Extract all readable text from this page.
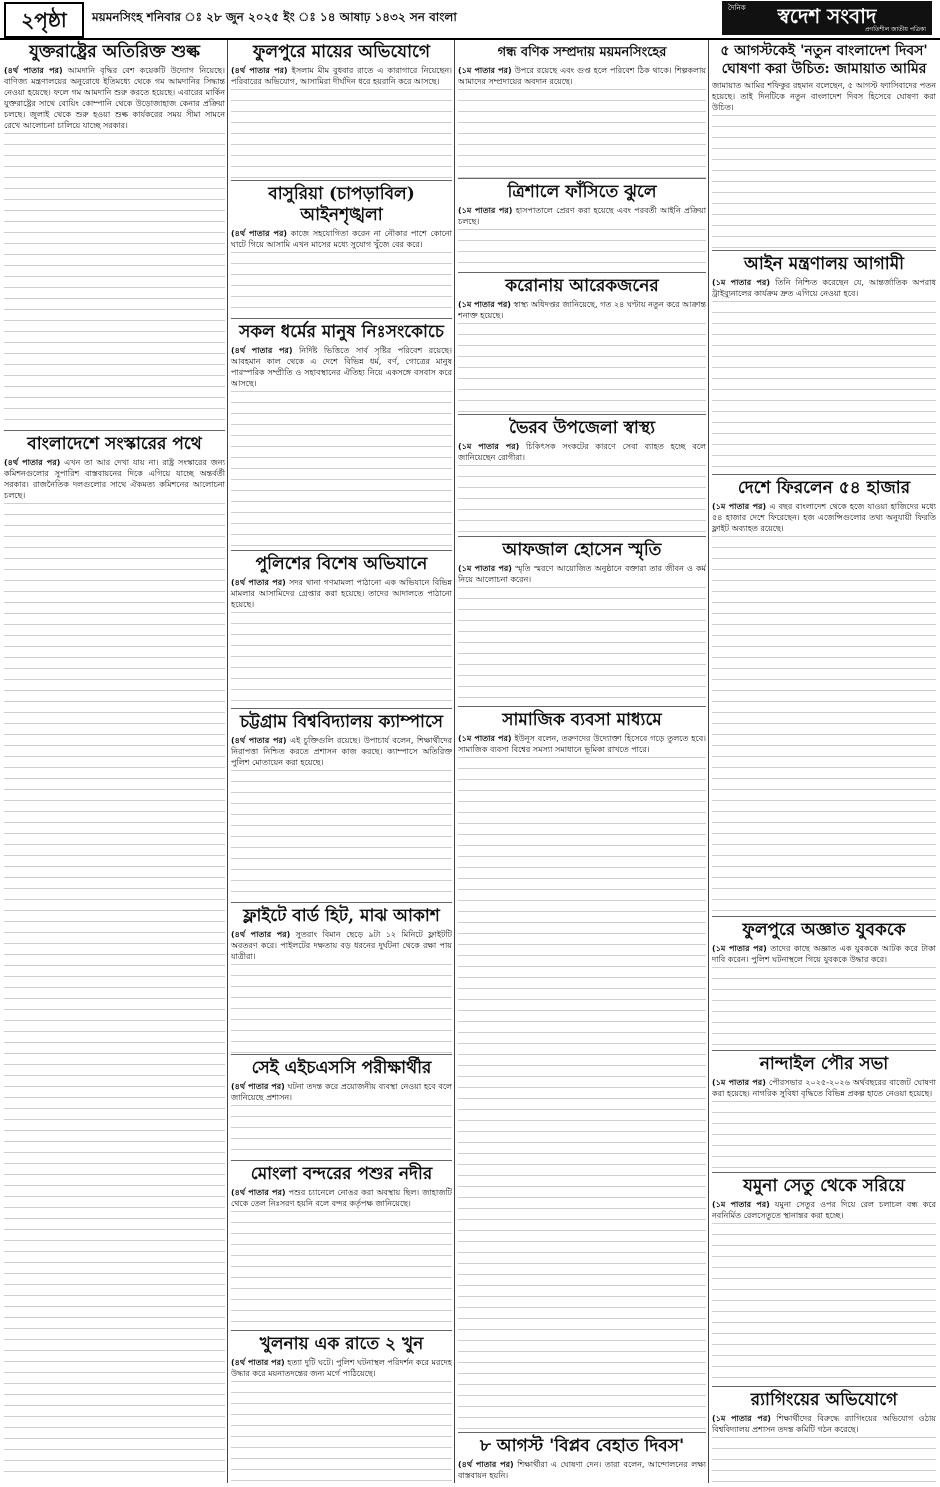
২পৃষ্ঠা	ময়মনসিংহ শনিবার ঃ ২৮ জুন ২০২৫ ইং ঃ ১৪ আষাঢ় ১৪৩২ সন বাংলা
দৈনিক	স্বদেশ সংবাদ
প্রগতিশীল জাতীয় পত্রিকা
যুক্তরাষ্ট্রের অতিরিক্ত শুল্ক
(৪র্থ পাতার পর) আমদানি বৃদ্ধির বেশ কয়েকটি উদ্যোগ নিয়েছে। বাণিজ্য মন্ত্রণালয়ের অনুরোধে ইতিমধ্যে থেকে গম আমদানির সিদ্ধান্ত নেওয়া হয়েছে। ফলে গম আমদানি শুরু করতে হয়েছে। এবারের মার্কিন যুক্তরাষ্ট্রের সাথে বোয়িং কোম্পানি থেকে উড়োজাহাজ কেনার প্রক্রিয়া চলছে। জুলাই থেকে শুরু হওয়া শুল্ক কার্যকরের সময় সীমা সামনে রেখে আলোচনা চালিয়ে যাচ্ছে সরকার।
বাংলাদেশে সংস্কারের পথে
(৪র্থ পাতার পর) এখন তা আর দেখা যায় না। রাষ্ট্র সংস্কারের জন্য কমিশনগুলোর সুপারিশ বাস্তবায়নের দিকে এগিয়ে যাচ্ছে অন্তর্বর্তী সরকার। রাজনৈতিক দলগুলোর সাথে ঐকমত্য কমিশনের আলোচনা চলছে।
ফুলপুরে মায়ের অভিযোগে
(৪র্থ পাতার পর) ইসলাম মীম বুধবার রাতে এ কারাগারে নিয়েছেন। পরিবারের অভিযোগ, আসামিরা দীর্ঘদিন ধরে হয়রানি করে আসছে।
বাসুরিয়া (চাপড়াবিল) আইনশৃঙ্খলা
(৪র্থ পাতার পর) কাজে সহযোগিতা করেন না নৌকার পাশে কোনো ঘাটে গিয়ে আসামি এখন মাসের মধ্যে সুযোগ খুঁজে বের করে।
সকল ধর্মের মানুষ নিঃসংকোচে
(৪র্থ পাতার পর) নির্দিষ্ট ভিত্তিতে সার্ব সৃষ্টির পরিবেশ রয়েছে। আবহমান কাল থেকে এ দেশে বিভিন্ন ধর্ম, বর্ণ, গোত্রের মানুষ পারস্পরিক সম্প্রীতি ও সহাবস্থানের ঐতিহ্য নিয়ে একসঙ্গে বসবাস করে আসছে।
পুলিশের বিশেষ অভিযানে
(৪র্থ পাতার পর) সদর থানা গণমামলা পাঠানো এক অভিযানে বিভিন্ন মামলার আসামিদের গ্রেপ্তার করা হয়েছে। তাদের আদালতে পাঠানো হয়েছে।
চট্টগ্রাম বিশ্ববিদ্যালয় ক্যাম্পাসে
(৪র্থ পাতার পর) এই চুক্তিগুলি রয়েছে। উপাচার্য বলেন, শিক্ষার্থীদের নিরাপত্তা নিশ্চিত করতে প্রশাসন কাজ করছে। ক্যাম্পাসে অতিরিক্ত পুলিশ মোতায়েন করা হয়েছে।
ফ্লাইটে বার্ড হিট, মাঝ আকাশ
(৪র্থ পাতার পর) সুতরাং বিমান ছেড়ে ৯টা ১২ মিনিটে ফ্লাইটটি অবতরণ করে। পাইলটের দক্ষতায় বড় ধরনের দুর্ঘটনা থেকে রক্ষা পায় যাত্রীরা।
সেই এইচএসসি পরীক্ষার্থীর
(৪র্থ পাতার পর) ঘটনা তদন্ত করে প্রয়োজনীয় ব্যবস্থা নেওয়া হবে বলে জানিয়েছে প্রশাসন।
মোংলা বন্দরের পশুর নদীর
(৪র্থ পাতার পর) পশুর চ্যানেলে নোঙর করা অবস্থায় ছিল। জাহাজটি থেকে তেল নিঃসরণ হয়নি বলে বন্দর কর্তৃপক্ষ জানিয়েছে।
খুলনায় এক রাতে ২ খুন
(৪র্থ পাতার পর) হত্যা দুটি ঘটে। পুলিশ ঘটনাস্থল পরিদর্শন করে মরদেহ উদ্ধার করে ময়নাতদন্তের জন্য মর্গে পাঠিয়েছে।
গন্ধ বণিক সম্প্রদায় ময়মনসিংহের
(১ম পাতার পর) উপরে রয়েছে এবং গুপ্ত হলে পরিবেশ ঠিক থাকে। শিল্পকলায় আমাদের সম্প্রদায়ের অবদান রয়েছে।
ত্রিশালে ফাঁসিতে ঝুলে
(১ম পাতার পর) হাসপাতালে প্রেরণ করা হয়েছে এবং পরবর্তী আইনি প্রক্রিয়া চলছে।
করোনায় আরেকজনের
(১ম পাতার পর) স্বাস্থ্য অধিদপ্তর জানিয়েছে, গত ২৪ ঘণ্টায় নতুন করে আক্রান্ত শনাক্ত হয়েছে।
ভৈরব উপজেলা স্বাস্থ্য
(১ম পাতার পর) চিকিৎসক সংকটের কারণে সেবা ব্যাহত হচ্ছে বলে জানিয়েছেন রোগীরা।
আফজাল হোসেন স্মৃতি
(১ম পাতার পর) স্মৃতি স্মরণে আয়োজিত অনুষ্ঠানে বক্তারা তার জীবন ও কর্ম নিয়ে আলোচনা করেন।
সামাজিক ব্যবসা মাধ্যমে
(১ম পাতার পর) ইউনূস বলেন, তরুণদের উদ্যোক্তা হিসেবে গড়ে তুলতে হবে। সামাজিক ব্যবসা বিশ্বের সমস্যা সমাধানে ভূমিকা রাখতে পারে।
৮ আগস্ট 'বিপ্লব বেহাত দিবস'
(৪র্থ পাতার পর) শিক্ষার্থীরা এ ঘোষণা দেন। তারা বলেন, আন্দোলনের লক্ষ্য বাস্তবায়ন হয়নি।
৫ আগস্টকেই 'নতুন বাংলাদেশ দিবস' ঘোষণা করা উচিত: জামায়াত আমির
জামায়াত আমির শফিকুর রহমান বলেছেন, ৫ আগস্ট ফ্যাসিবাদের পতন হয়েছে। তাই দিনটিকে নতুন বাংলাদেশ দিবস হিসেবে ঘোষণা করা উচিত।
আইন মন্ত্রণালয় আগামী
(১ম পাতার পর) তিনি নিশ্চিত করেছেন যে, আন্তর্জাতিক অপরাধ ট্রাইব্যুনালের কার্যক্রম দ্রুত এগিয়ে নেওয়া হবে।
দেশে ফিরলেন ৫৪ হাজার
(১ম পাতার পর) এ বছর বাংলাদেশ থেকে হজে যাওয়া হাজিদের মধ্যে ৫৪ হাজার দেশে ফিরেছেন। হজ এজেন্সিগুলোর তথ্য অনুযায়ী ফিরতি ফ্লাইট অব্যাহত রয়েছে।
ফুলপুরে অজ্ঞাত যুবককে
(১ম পাতার পর) তাদের কাছে অজ্ঞাত এক যুবককে আটক করে টাকা দাবি করেন। পুলিশ ঘটনাস্থলে গিয়ে যুবককে উদ্ধার করে।
নান্দাইল পৌর সভা
(১ম পাতার পর) পৌরসভার ২০২৫-২০২৬ অর্থবছরের বাজেট ঘোষণা করা হয়েছে। নাগরিক সুবিধা বৃদ্ধিতে বিভিন্ন প্রকল্প হাতে নেওয়া হয়েছে।
যমুনা সেতু থেকে সরিয়ে
(১ম পাতার পর) যমুনা সেতুর ওপর দিয়ে রেল চলাচল বন্ধ করে নবনির্মিত রেলসেতুতে স্থানান্তর করা হচ্ছে।
র‍্যাগিংয়ের অভিযোগে
(১ম পাতার পর) শিক্ষার্থীদের বিরুদ্ধে র‍্যাগিংয়ের অভিযোগ ওঠায় বিশ্ববিদ্যালয় প্রশাসন তদন্ত কমিটি গঠন করেছে।
